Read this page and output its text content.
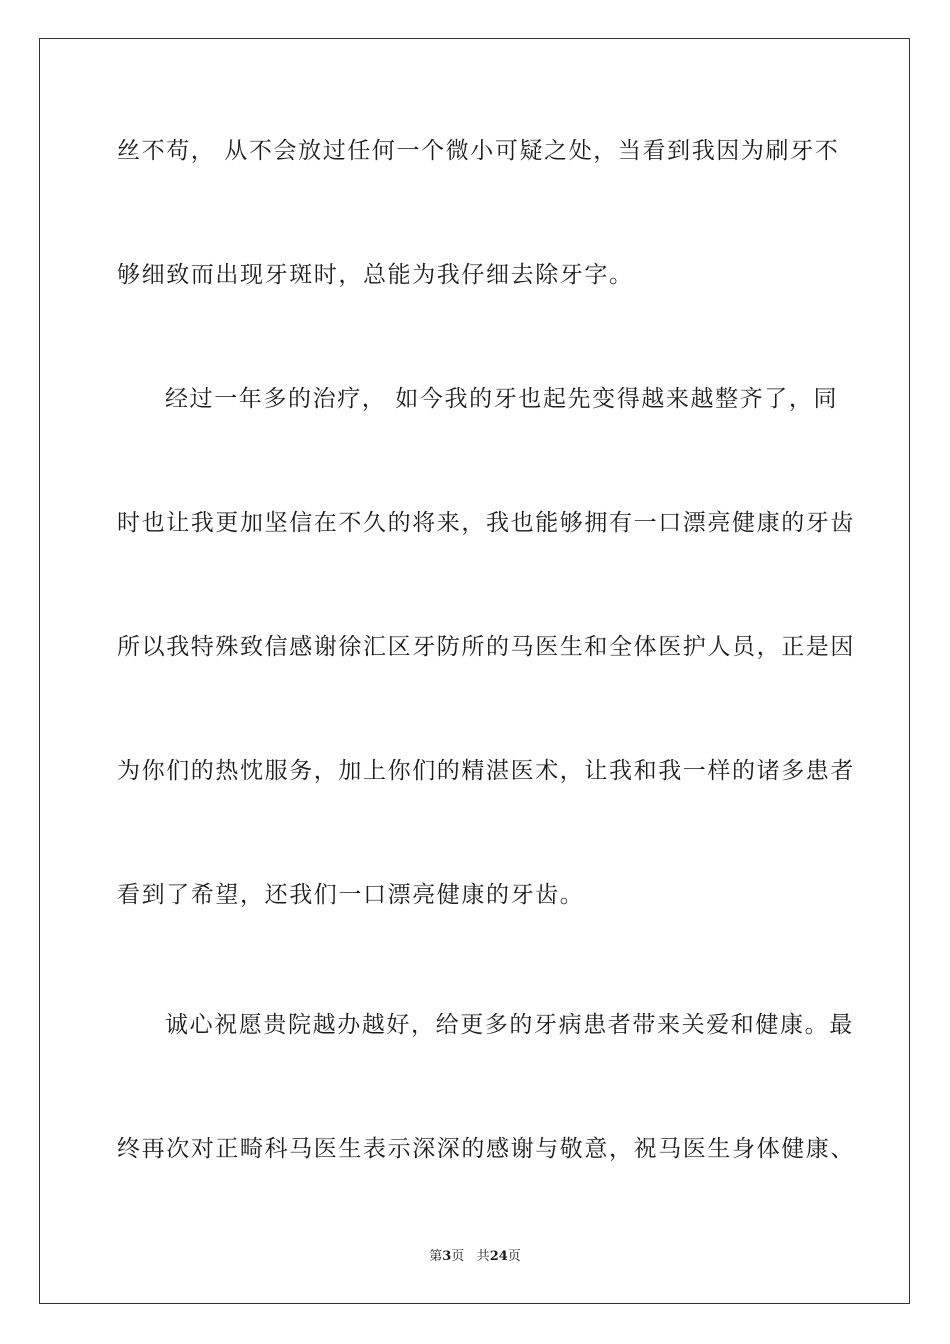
丝不苟， 从不会放过任何一个微小可疑之处，当看到我因为刷牙不
够细致而出现牙斑时，总能为我仔细去除牙字。
经过一年多的治疗， 如今我的牙也起先变得越来越整齐了，同
时也让我更加坚信在不久的将来，我也能够拥有一口漂亮健康的牙齿
所以我特殊致信感谢徐汇区牙防所的马医生和全体医护人员，正是因
为你们的热忱服务，加上你们的精湛医术，让我和我一样的诸多患者
看到了希望，还我们一口漂亮健康的牙齿。
诚心祝愿贵院越办越好，给更多的牙病患者带来关爱和健康。最
终再次对正畸科马医生表示深深的感谢与敬意，祝马医生身体健康、
第3页 共24页
